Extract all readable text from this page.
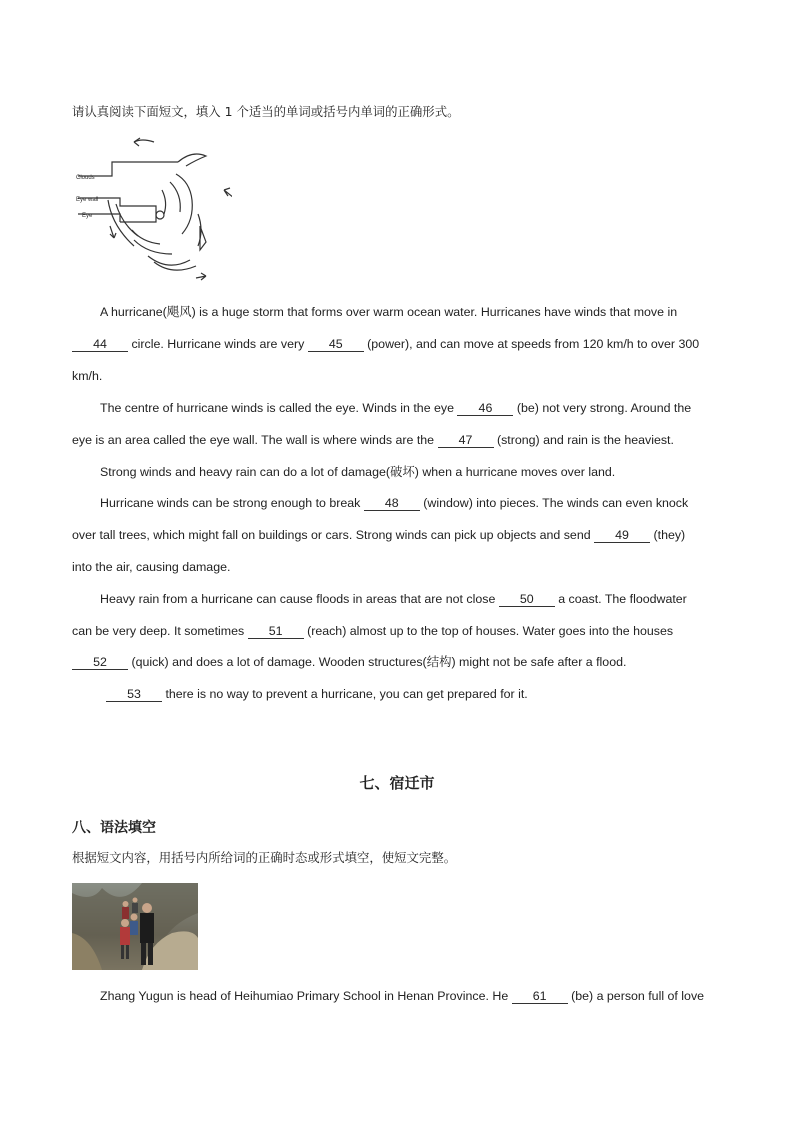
请认真阅读下面短文，填入 1 个适当的单词或括号内单词的正确形式。
Clouds
Eye wall
Eye
A hurricane(飓风) is a huge storm that forms over warm ocean water. Hurricanes have winds that move in
44 circle. Hurricane winds are very 45 (power), and can move at speeds from 120 km/h to over 300
km/h.
The centre of hurricane winds is called the eye. Winds in the eye 46 (be) not very strong. Around the
eye is an area called the eye wall. The wall is where winds are the 47 (strong) and rain is the heaviest.
Strong winds and heavy rain can do a lot of damage(破坏) when a hurricane moves over land.
Hurricane winds can be strong enough to break 48 (window) into pieces. The winds can even knock
over tall trees, which might fall on buildings or cars. Strong winds can pick up objects and send 49 (they)
into the air, causing damage.
Heavy rain from a hurricane can cause floods in areas that are not close 50 a coast. The floodwater
can be very deep. It sometimes 51 (reach) almost up to the top of houses. Water goes into the houses
52 (quick) and does a lot of damage. Wooden structures(结构) might not be safe after a flood.
53 there is no way to prevent a hurricane, you can get prepared for it.
七、宿迁市
八、语法填空
根据短文内容，用括号内所给词的正确时态或形式填空，使短文完整。
Zhang Yugun is head of Heihumiao Primary School in Henan Province. He 61 (be) a person full of love
